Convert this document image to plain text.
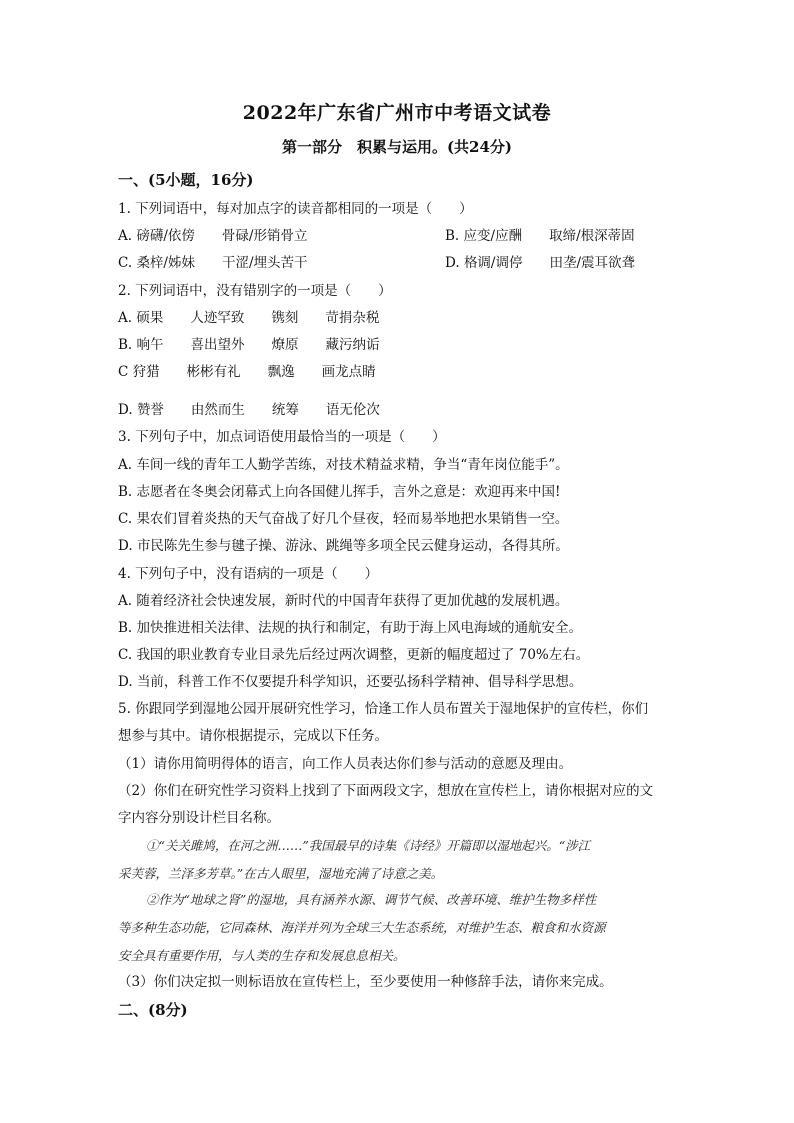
2022年广东省广州市中考语文试卷
第一部分　积累与运用。(共24分)
一、(5小题，16分)
1. 下列词语中，每对加点字的读音都相同的一项是（　　）
A. 磅礴/依傍　　骨碌/形销骨立	B. 应变/应酬　　取缔/根深蒂固
C. 桑梓/姊妹　　干涩/埋头苦干	D. 格调/调停　　田垄/震耳欲聋
2. 下列词语中，没有错别字的一项是（　　）
A. 硕果　　人迹罕致　　镌刻　　苛捐杂税
B. 响午　　喜出望外　　燎原　　藏污纳诟
C 狩猎　　彬彬有礼　　飘逸　　画龙点睛
D. 赞誉　　由然而生　　统筹　　语无伦次
3. 下列句子中，加点词语使用最恰当的一项是（　　）
A. 车间一线的青年工人勤学苦练，对技术精益求精，争当“青年岗位能手”。
B. 志愿者在冬奥会闭幕式上向各国健儿挥手，言外之意是：欢迎再来中国!
C. 果农们冒着炎热的天气奋战了好几个昼夜，轻而易举地把水果销售一空。
D. 市民陈先生参与毽子操、游泳、跳绳等多项全民云健身运动，各得其所。
4. 下列句子中，没有语病的一项是（　　）
A. 随着经济社会快速发展，新时代的中国青年获得了更加优越的发展机遇。
B. 加快推进相关法律、法规的执行和制定，有助于海上风电海域的通航安全。
C. 我国的职业教育专业目录先后经过两次调整，更新的幅度超过了 70%左右。
D. 当前，科普工作不仅要提升科学知识，还要弘扬科学精神、倡导科学思想。
5. 你跟同学到湿地公园开展研究性学习，恰逢工作人员布置关于湿地保护的宣传栏，你们
想参与其中。请你根据提示，完成以下任务。
（1）请你用简明得体的语言，向工作人员表达你们参与活动的意愿及理由。
（2）你们在研究性学习资料上找到了下面两段文字，想放在宣传栏上，请你根据对应的文
字内容分别设计栏目名称。
①“关关雎鸠，在河之洲……”我国最早的诗集《诗经》开篇即以湿地起兴。“涉江
采芙蓉，兰泽多芳草。”在古人眼里，湿地充满了诗意之美。
②作为“地球之肾”的湿地，具有涵养水源、调节气候、改善环境、维护生物多样性
等多种生态功能，它同森林、海洋并列为全球三大生态系统，对维护生态、粮食和水资源
安全具有重要作用，与人类的生存和发展息息相关。
（3）你们决定拟一则标语放在宣传栏上，至少要使用一种修辞手法，请你来完成。
二、(8分)
